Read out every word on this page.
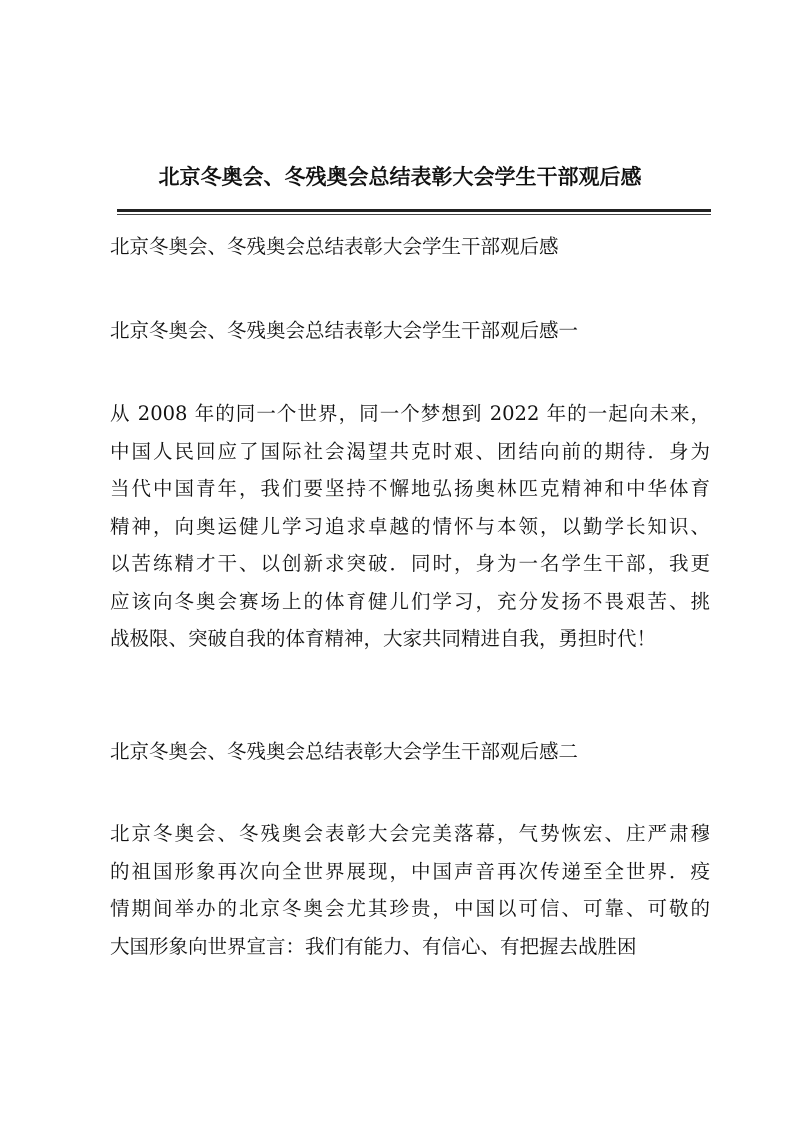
北京冬奥会、冬残奥会总结表彰大会学生干部观后感
北京冬奥会、冬残奥会总结表彰大会学生干部观后感
北京冬奥会、冬残奥会总结表彰大会学生干部观后感一
从 2008 年的同一个世界，同一个梦想到 2022 年的一起向未来，
中国人民回应了国际社会渴望共克时艰、团结向前的期待．身为
当代中国青年，我们要坚持不懈地弘扬奥林匹克精神和中华体育
精神，向奥运健儿学习追求卓越的情怀与本领，以勤学长知识、
以苦练精才干、以创新求突破．同时，身为一名学生干部，我更
应该向冬奥会赛场上的体育健儿们学习，充分发扬不畏艰苦、挑
战极限、突破自我的体育精神，大家共同精进自我，勇担时代！
北京冬奥会、冬残奥会总结表彰大会学生干部观后感二
北京冬奥会、冬残奥会表彰大会完美落幕，气势恢宏、庄严肃穆
的祖国形象再次向全世界展现，中国声音再次传递至全世界．疫
情期间举办的北京冬奥会尤其珍贵，中国以可信、可靠、可敬的
大国形象向世界宣言：我们有能力、有信心、有把握去战胜困
